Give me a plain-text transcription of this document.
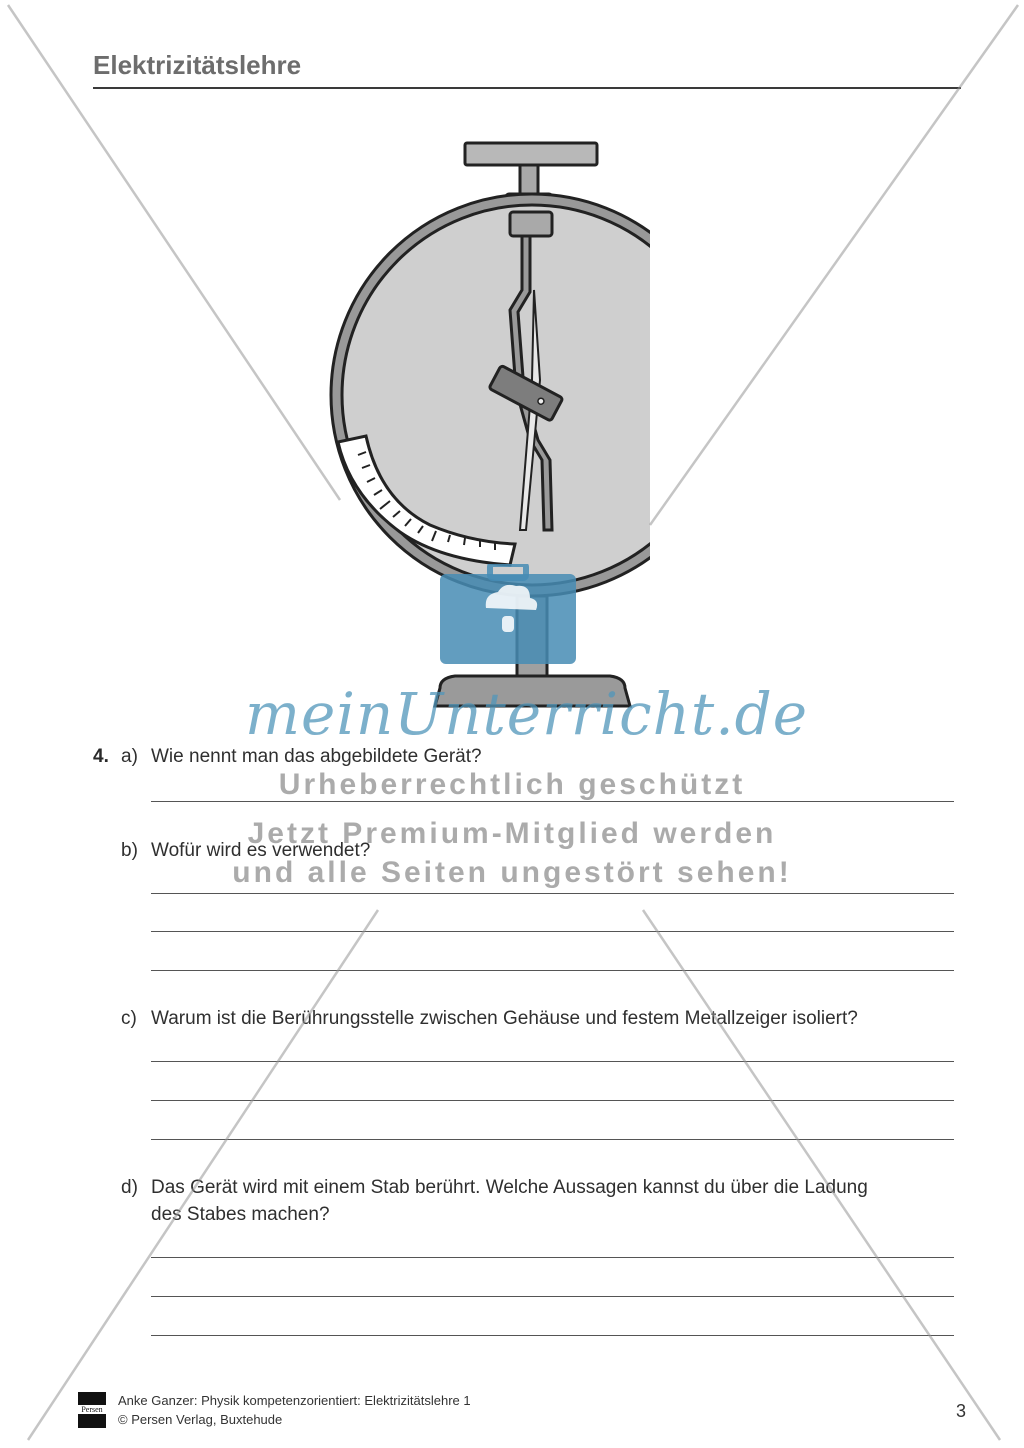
Elektrizitätslehre
4. a) Wie nennt man das abgebildete Gerät?
b) Wofür wird es verwendet?
c) Warum ist die Berührungsstelle zwischen Gehäuse und festem Metallzeiger isoliert?
d) Das Gerät wird mit einem Stab berührt. Welche Aussagen kannst du über die Ladung
des Stabes machen?
meinUnterricht.de
Urheberrechtlich geschützt
Jetzt Premium-Mitglied werden
und alle Seiten ungestört sehen!
Persen
Anke Ganzer: Physik kompetenzorientiert: Elektrizitätslehre 1
© Persen Verlag, Buxtehude	3
